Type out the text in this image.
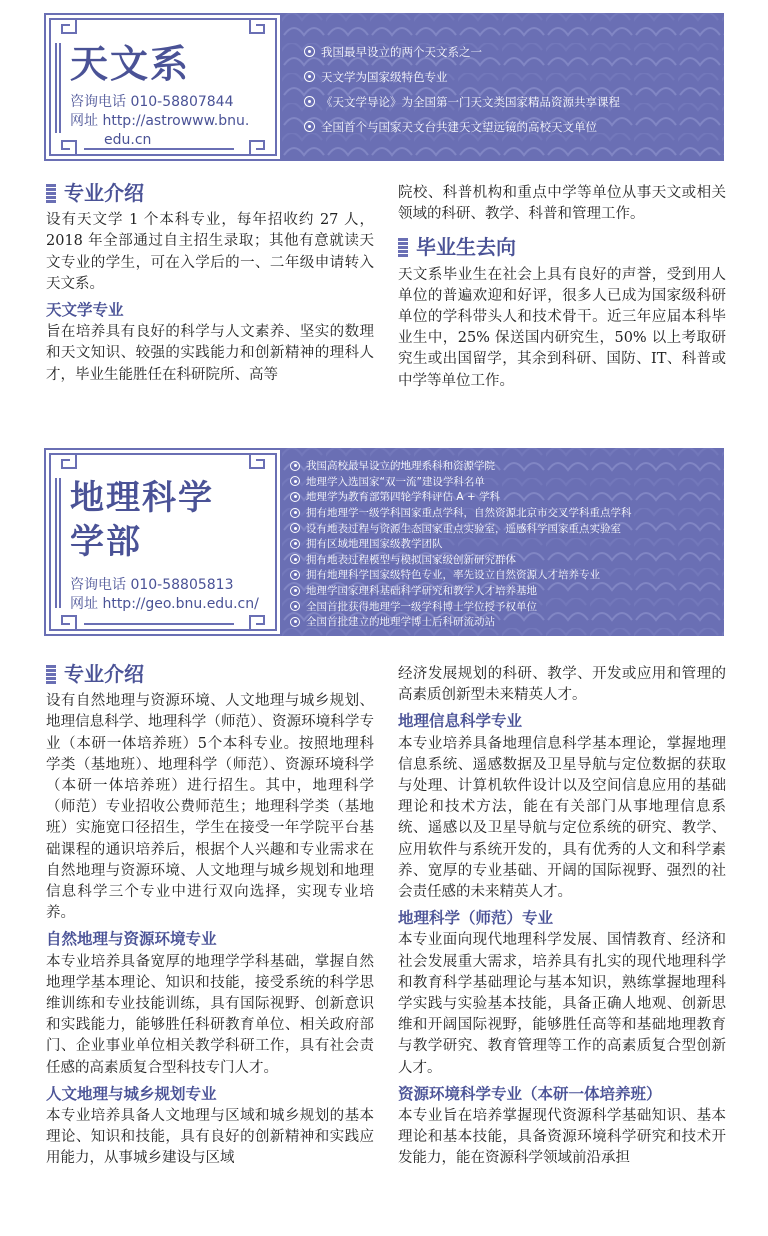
天文系
咨询电话 010-58807844
网址 http://astrowww.bnu.
edu.cn
我国最早设立的两个天文系之一
天文学为国家级特色专业
《天文学导论》为全国第一门天文类国家精品资源共享课程
全国首个与国家天文台共建天文望远镜的高校天文单位
专业介绍

设有天文学 1 个本科专业，每年招收约 27 人，2018 年全部通过自主招生录取；其他有意就读天文专业的学生，可在入学后的一、二年级申请转入天文系。

天文学专业

旨在培养具有良好的科学与人文素养、坚实的数理和天文知识、较强的实践能力和创新精神的理科人才，毕业生能胜任在科研院所、高等

院校、科普机构和重点中学等单位从事天文或相关领域的科研、教学、科普和管理工作。

毕业生去向

天文系毕业生在社会上具有良好的声誉，受到用人单位的普遍欢迎和好评，很多人已成为国家级科研单位的学科带头人和技术骨干。近三年应届本科毕业生中，25% 保送国内研究生，50% 以上考取研究生或出国留学，其余到科研、国防、IT、科普或中学等单位工作。

地理科学
学部
咨询电话 010-58805813
网址 http://geo.bnu.edu.cn/
我国高校最早设立的地理系科和资源学院
地理学入选国家“双一流”建设学科名单
地理学为教育部第四轮学科评估 A + 学科
拥有地理学一级学科国家重点学科，自然资源北京市交叉学科重点学科
设有地表过程与资源生态国家重点实验室，遥感科学国家重点实验室
拥有区域地理国家级教学团队
拥有地表过程模型与模拟国家级创新研究群体
拥有地理科学国家级特色专业，率先设立自然资源人才培养专业
地理学国家理科基础科学研究和教学人才培养基地
全国首批获得地理学一级学科博士学位授予权单位
全国首批建立的地理学博士后科研流动站
专业介绍

设有自然地理与资源环境、人文地理与城乡规划、地理信息科学、地理科学（师范）、资源环境科学专业（本研一体培养班）5个本科专业。按照地理科学类（基地班）、地理科学（师范）、资源环境科学（本研一体培养班）进行招生。其中，地理科学（师范）专业招收公费师范生；地理科学类（基地班）实施宽口径招生，学生在接受一年学院平台基础课程的通识培养后，根据个人兴趣和专业需求在自然地理与资源环境、人文地理与城乡规划和地理信息科学三个专业中进行双向选择，实现专业培养。

自然地理与资源环境专业

本专业培养具备宽厚的地理学学科基础，掌握自然地理学基本理论、知识和技能，接受系统的科学思维训练和专业技能训练，具有国际视野、创新意识和实践能力，能够胜任科研教育单位、相关政府部门、企业事业单位相关教学科研工作，具有社会责任感的高素质复合型科技专门人才。

人文地理与城乡规划专业

本专业培养具备人文地理与区域和城乡规划的基本理论、知识和技能，具有良好的创新精神和实践应用能力，从事城乡建设与区域

经济发展规划的科研、教学、开发或应用和管理的高素质创新型未来精英人才。

地理信息科学专业

本专业培养具备地理信息科学基本理论，掌握地理信息系统、遥感数据及卫星导航与定位数据的获取与处理、计算机软件设计以及空间信息应用的基础理论和技术方法，能在有关部门从事地理信息系统、遥感以及卫星导航与定位系统的研究、教学、应用软件与系统开发的，具有优秀的人文和科学素养、宽厚的专业基础、开阔的国际视野、强烈的社会责任感的未来精英人才。

地理科学（师范）专业

本专业面向现代地理科学发展、国情教育、经济和社会发展重大需求，培养具有扎实的现代地理科学和教育科学基础理论与基本知识，熟练掌握地理科学实践与实验基本技能，具备正确人地观、创新思维和开阔国际视野，能够胜任高等和基础地理教育与教学研究、教育管理等工作的高素质复合型创新人才。

资源环境科学专业（本研一体培养班）

本专业旨在培养掌握现代资源科学基础知识、基本理论和基本技能，具备资源环境科学研究和技术开发能力，能在资源科学领域前沿承担
